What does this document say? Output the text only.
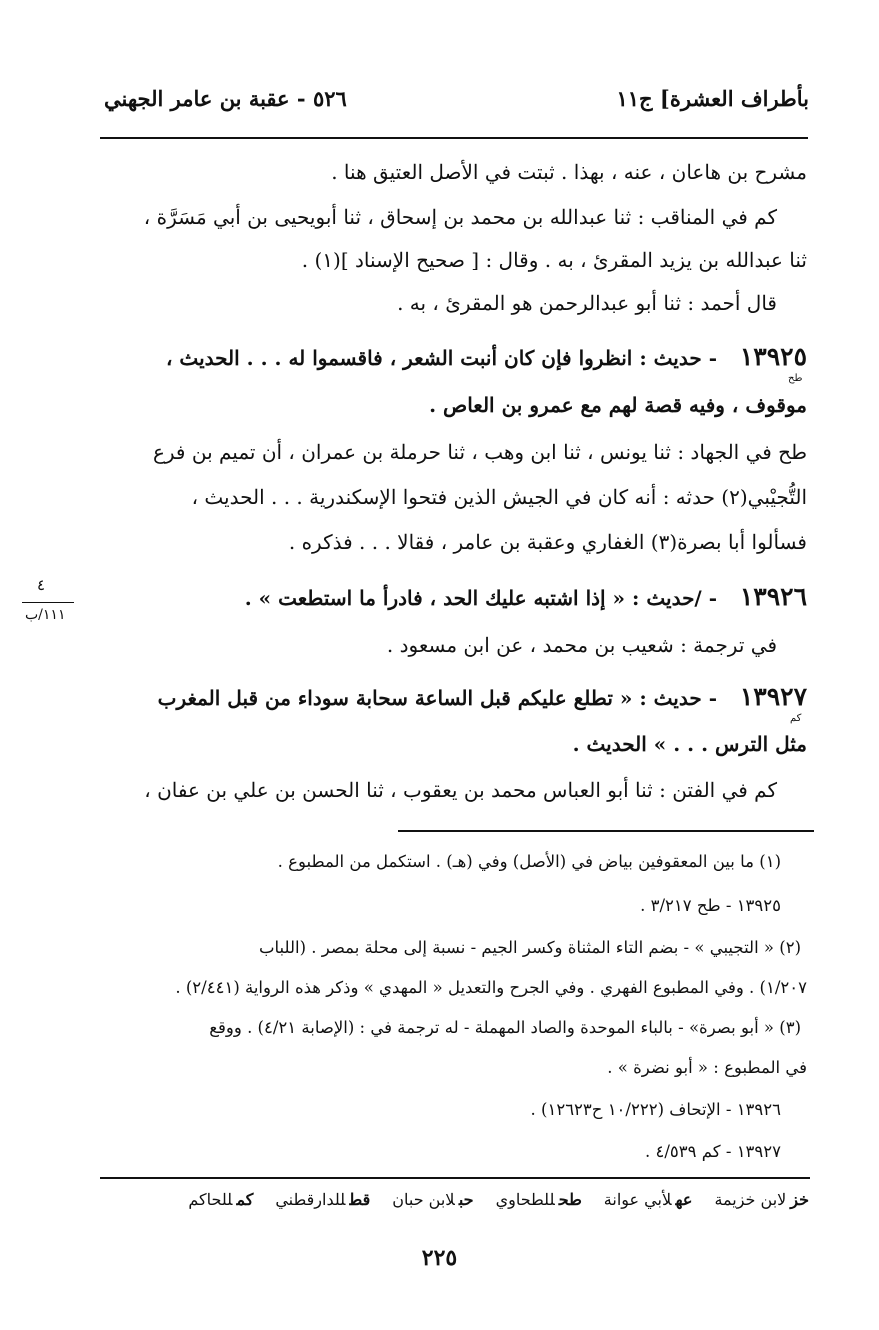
بأطراف العشرة] ج١١
٥٢٦ - عقبة بن عامر الجهني
مشرح بن هاعان ، عنه ، بهذا . ثبتت في الأصل العتيق هنا .
كم في المناقب : ثنا عبدالله بن محمد بن إسحاق ، ثنا أبويحيى بن أبي مَسَرَّة ،
ثنا عبدالله بن يزيد المقرئ ، به . وقال : [ صحيح الإسناد ](١) .
قال أحمد : ثنا أبو عبدالرحمن هو المقرئ ، به .
١٣٩٢٥
طح
- حديث : انظروا فإن كان أنبت الشعر ، فاقسموا له . . . الحديث ،
موقوف ، وفيه قصة لهم مع عمرو بن العاص .
طح في الجهاد : ثنا يونس ، ثنا ابن وهب ، ثنا حرملة بن عمران ، أن تميم بن فرع
التُّجيْبي(٢) حدثه : أنه كان في الجيش الذين فتحوا الإسكندرية . . . الحديث ،
فسألوا أبا بصرة(٣) الغفاري وعقبة بن عامر ، فقالا . . . فذكره .
٤
١١١/ب
١٣٩٢٦
- /حديث : « إذا اشتبه عليك الحد ، فادرأ ما استطعت » .
في ترجمة : شعيب بن محمد ، عن ابن مسعود .
١٣٩٢٧
كم
- حديث : « تطلع عليكم قبل الساعة سحابة سوداء من قبل المغرب
مثل الترس . . . » الحديث .
كم في الفتن : ثنا أبو العباس محمد بن يعقوب ، ثنا الحسن بن علي بن عفان ،
(١) ما بين المعقوفين بياض في (الأصل) وفي (هـ) . استكمل من المطبوع .
١٣٩٢٥ - طح ٣/٢١٧ .
(٢) « التجيبي » - بضم التاء المثناة وكسر الجيم - نسبة إلى محلة بمصر . (اللباب
١/٢٠٧) . وفي المطبوع الفهري . وفي الجرح والتعديل « المهدي » وذكر هذه الرواية (٢/٤٤١) .
(٣) « أبو بصرة» - بالباء الموحدة والصاد المهملة - له ترجمة في : (الإصابة ٤/٢١) . ووقع
في المطبوع : « أبو نضرة » .
١٣٩٢٦ - الإتحاف (١٠/٢٢٢ ح١٢٦٢٣) .
١٣٩٢٧ - كم ٤/٥٣٩ .
خزلابن خزيمةعهلأبي عوانةطحللطحاويحبلابن حبانقطللدارقطنيكمللحاكم
٢٢٥
